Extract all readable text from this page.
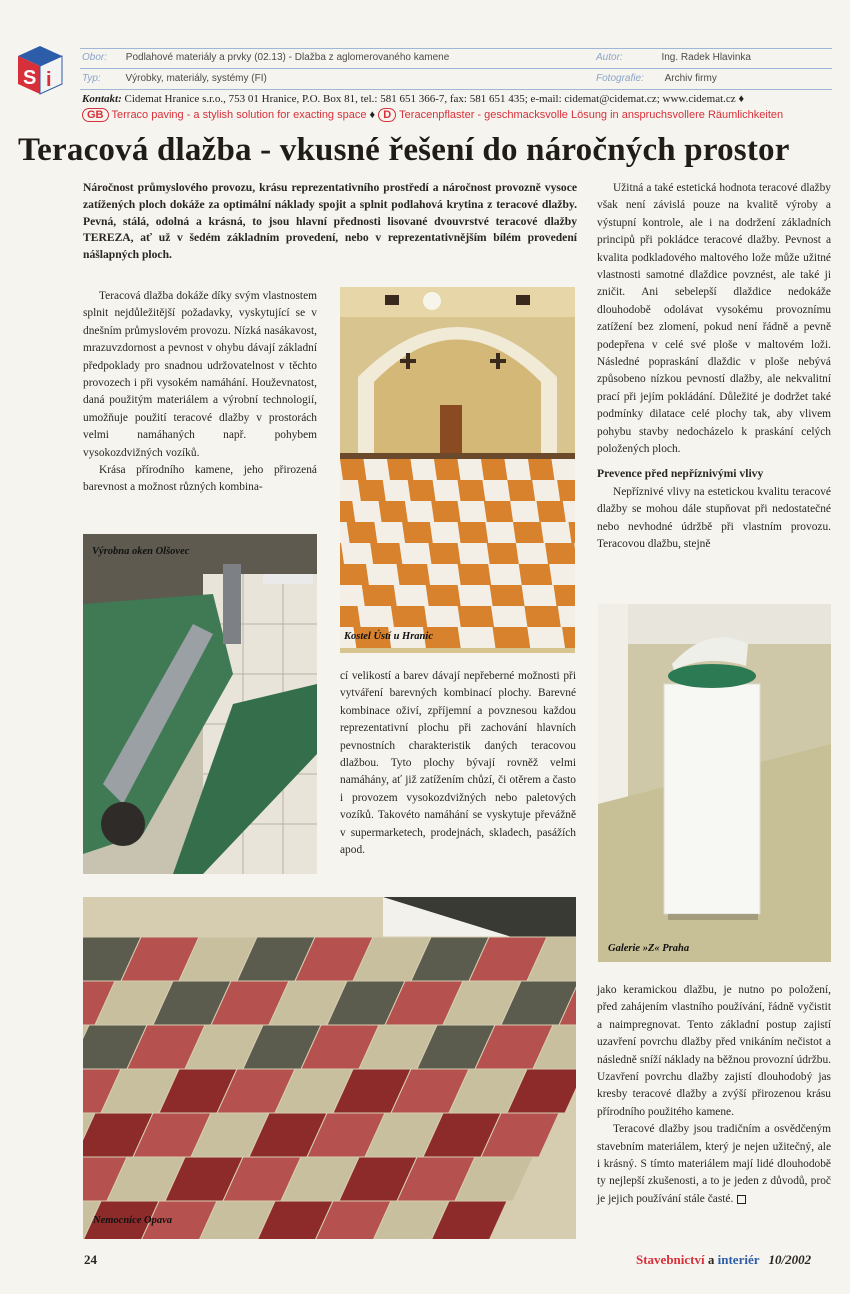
S i
Obor: Podlahové materiály a prvky (02.13) - Dlažba z aglomerovaného kamene	Autor:	Ing. Radek Hlavinka
Typ: Výrobky, materiály, systémy (FI)	Fotografie: Archiv firmy
Kontakt: Cidemat Hranice s.r.o., 753 01 Hranice, P.O. Box 81, tel.: 581 651 366-7, fax: 581 651 435; e-mail: cidemat@cidemat.cz; www.cidemat.cz ♦
GB Terraco paving - a stylish solution for exacting space ♦ D Teracenpflaster - geschmacksvolle Lösung in anspruchsvollere Räumlichkeiten
Teracová dlažba - vkusné řešení do náročných prostor
Náročnost průmyslového provozu, krásu reprezentativního prostředí a náročnost provozně vysoce zatížených ploch dokáže za optimální náklady spojit a splnit podlahová krytina z teracové dlažby. Pevná, stálá, odolná a krásná, to jsou hlavní přednosti lisované dvouvrstvé teracové dlažby TEREZA, ať už v šedém základním provedení, nebo v reprezentativnějším bílém provedení nášlapných ploch.

Teracová dlažba dokáže díky svým vlastnostem splnit nejdůležitější požadavky, vyskytující se v dnešním průmyslovém provozu. Nízká nasákavost, mrazuvzdornost a pevnost v ohybu dávají základní předpoklady pro snadnou udržovatelnost v těchto provozech i při vysokém namáhání. Houževnatost, daná použitým materiálem a výrobní technologií, umožňuje použití teracové dlažby v prostorách velmi namáhaných např. pohybem vysokozdvižných vozíků.

Krása přírodního kamene, jeho přirozená barevnost a možnost různých kombina-

Výrobna oken Olšovec
Kostel Ústí u Hranic

cí velikostí a barev dávají nepřeberné možnosti při vytváření barevných kombinací plochy. Barevné kombinace oživí, zpříjemní a povznesou každou reprezentativní plochu při zachování hlavních pevnostních charakteristik daných teracovou dlažbou. Tyto plochy bývají rovněž velmi namáhány, ať již zatížením chůzí, či otěrem a často i provozem vysokozdvižných nebo paletových vozíků. Takovéto namáhání se vyskytuje převážně v supermarketech, prodejnách, skladech, pasážích apod.

Užitná a také estetická hodnota teracové dlažby však není závislá pouze na kvalitě výroby a výstupní kontrole, ale i na dodržení základních principů při pokládce teracové dlažby. Pevnost a kvalita podkladového maltového lože může užitné vlastnosti samotné dlaždice povznést, ale také ji zničit. Ani sebelepší dlaždice nedokáže dlouhodobě odolávat vysokému provoznímu zatížení bez zlomení, pokud není řádně a pevně podepřena v celé své ploše v maltovém loži. Následné popraskání dlaždic v ploše nebývá způsobeno nízkou pevností dlažby, ale nekvalitní prací při jejím pokládání. Důležité je dodržet také podmínky dilatace celé plochy tak, aby vlivem pohybu stavby nedocházelo k praskání celých položených ploch.

Prevence před nepříznivými vlivy

Nepříznivé vlivy na estetickou kvalitu teracové dlažby se mohou dále stupňovat při nedostatečné nebo nevhodné údržbě při vlastním provozu. Teracovou dlažbu, stejně

Galerie »Z« Praha

jako keramickou dlažbu, je nutno po položení, před zahájením vlastního používání, řádně vyčistit a naimpregnovat. Tento základní postup zajistí uzavření povrchu dlažby před vnikáním nečistot a následně sníží náklady na běžnou provozní údržbu. Uzavření povrchu dlažby zajistí dlouhodobý jas kresby teracové dlažby a zvýší přirozenou krásu přírodního použitého kamene.

Teracové dlažby jsou tradičním a osvědčeným stavebním materiálem, který je nejen užitečný, ale i krásný. S tímto materiálem mají lidé dlouhodobě ty nejlepší zkušenosti, a to je jeden z důvodů, proč je jejich používání stále časté.

Nemocnice Opava
24	Stavebnictví a interiér 10/2002
